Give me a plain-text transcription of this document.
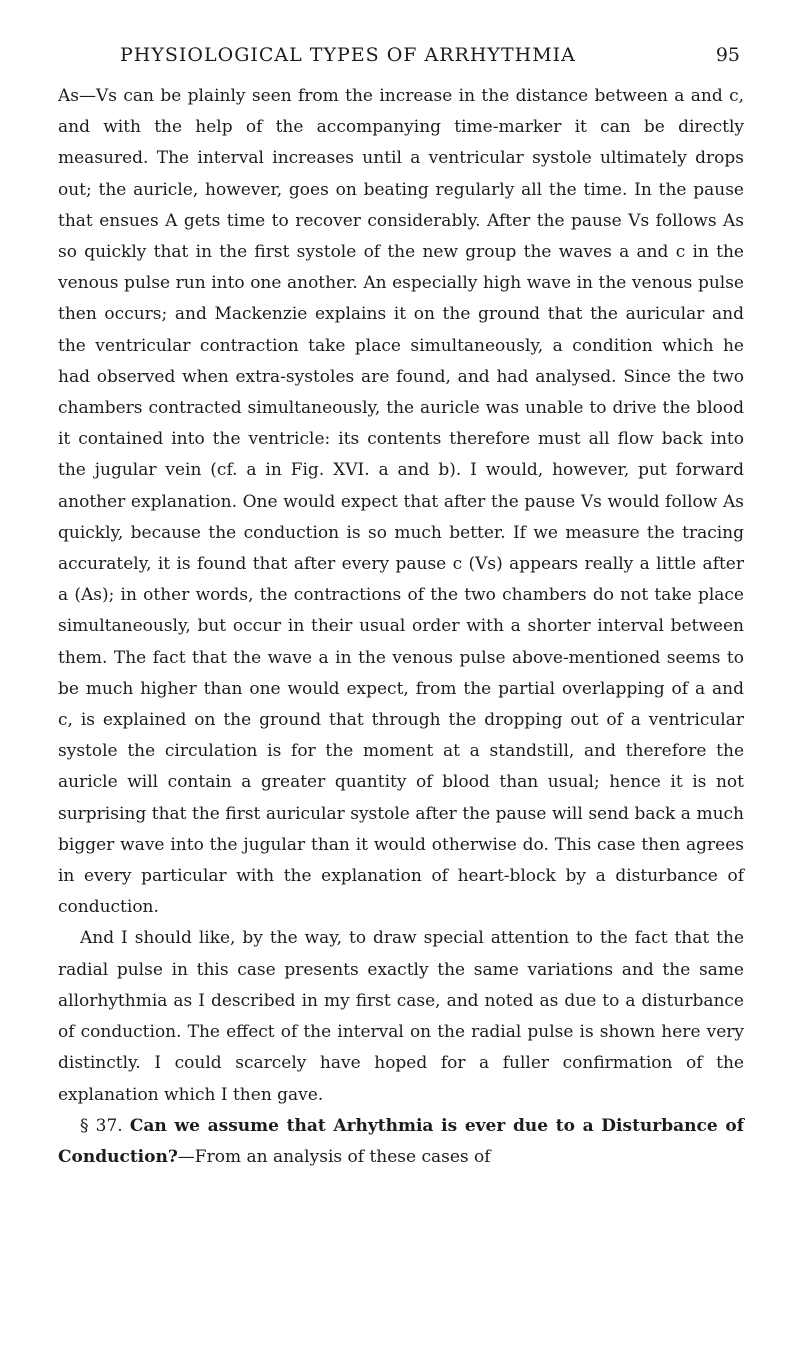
PHYSIOLOGICAL TYPES OF ARRHYTHMIA	95

As—Vs can be plainly seen from the increase in the distance between a and c, and with the help of the accompanying time-marker it can be directly measured. The interval increases until a ventricular systole ultimately drops out; the auricle, however, goes on beating regularly all the time. In the pause that ensues A gets time to recover considerably. After the pause Vs follows As so quickly that in the first systole of the new group the waves a and c in the venous pulse run into one another. An especially high wave in the venous pulse then occurs; and Mackenzie explains it on the ground that the auricular and the ventricular contraction take place simultaneously, a condition which he had observed when extra-systoles are found, and had analysed. Since the two chambers contracted simultaneously, the auricle was unable to drive the blood it contained into the ventricle: its contents therefore must all flow back into the jugular vein (cf. a in Fig. XVI. a and b). I would, however, put forward another explanation. One would expect that after the pause Vs would follow As quickly, because the conduction is so much better. If we measure the tracing accurately, it is found that after every pause c (Vs) appears really a little after a (As); in other words, the contractions of the two chambers do not take place simultaneously, but occur in their usual order with a shorter interval between them. The fact that the wave a in the venous pulse above-mentioned seems to be much higher than one would expect, from the partial overlapping of a and c, is explained on the ground that through the dropping out of a ventricular systole the circulation is for the moment at a standstill, and therefore the auricle will contain a greater quantity of blood than usual; hence it is not surprising that the first auricular systole after the pause will send back a much bigger wave into the jugular than it would otherwise do. This case then agrees in every particular with the explanation of heart-block by a disturbance of conduction.

And I should like, by the way, to draw special attention to the fact that the radial pulse in this case presents exactly the same variations and the same allorhythmia as I described in my first case, and noted as due to a disturbance of conduction. The effect of the interval on the radial pulse is shown here very distinctly. I could scarcely have hoped for a fuller confirmation of the explanation which I then gave.

§ 37. Can we assume that Arhythmia is ever due to a Disturbance of Conduction?—From an analysis of these cases of
